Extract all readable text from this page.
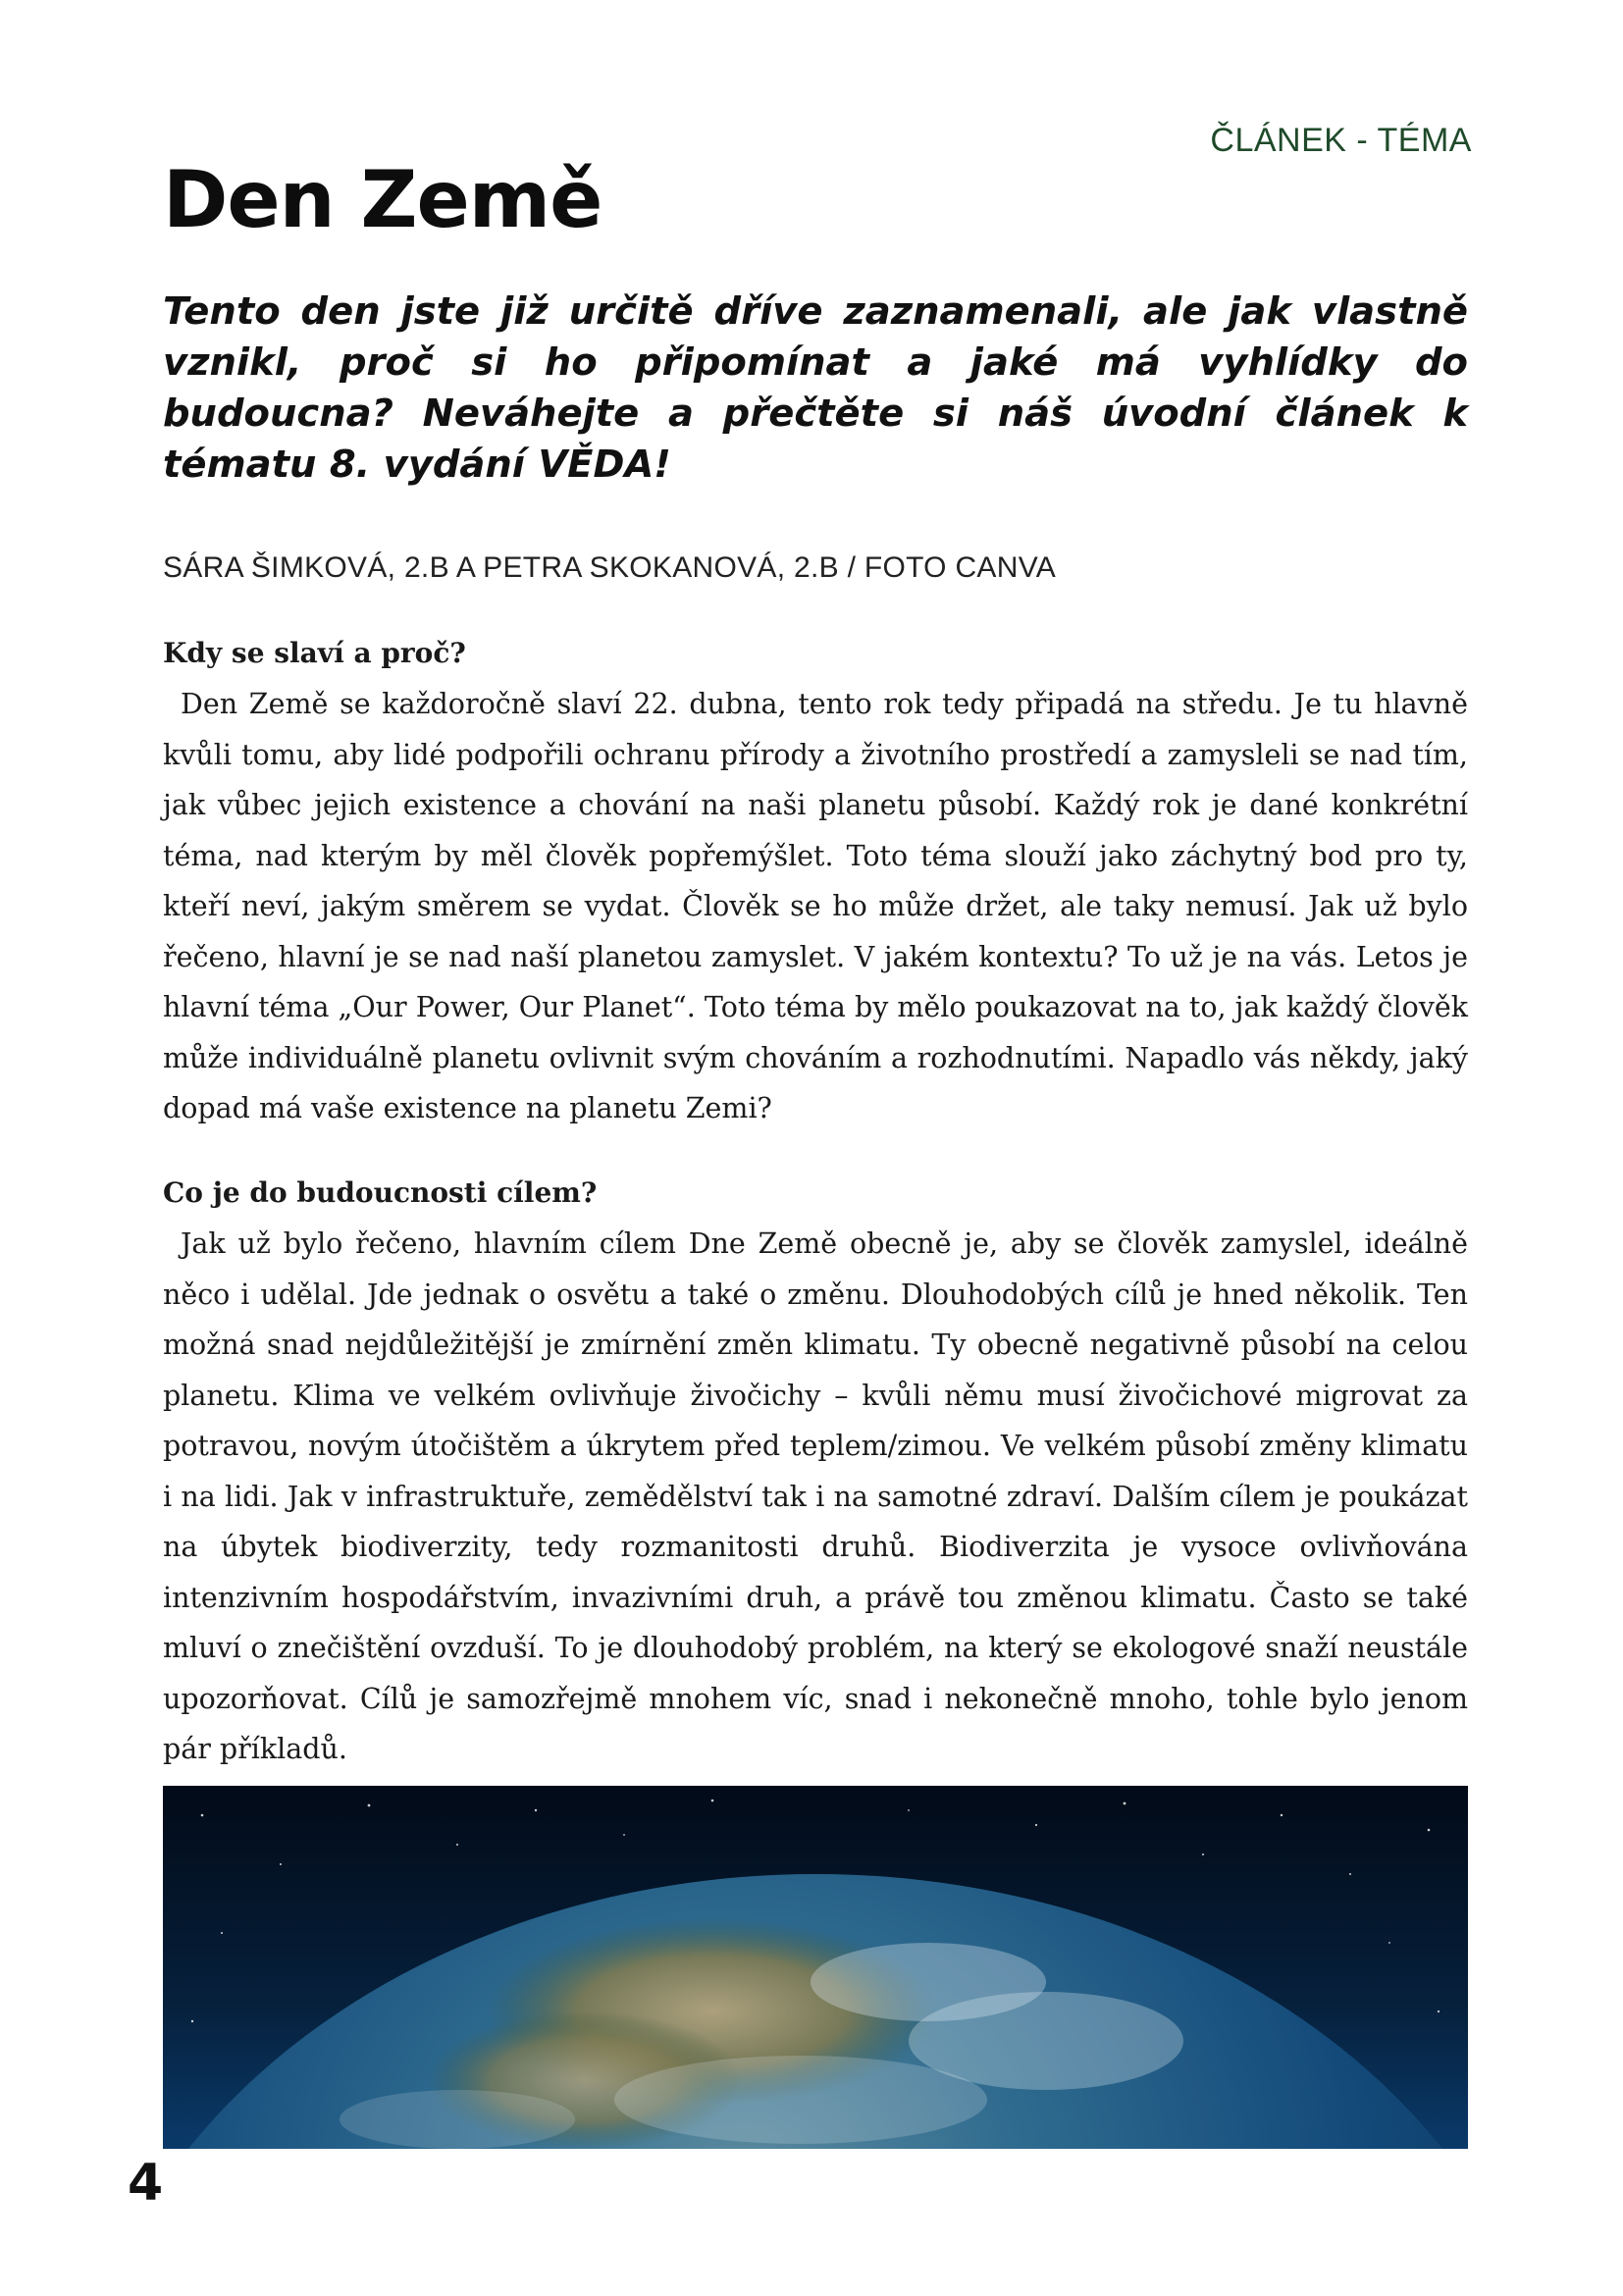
ČLÁNEK - TÉMA
Den Země

Tento den jste již určitě dříve zaznamenali, ale jak vlastně vznikl, proč si ho připomínat a jaké má vyhlídky do budoucna? Neváhejte a přečtěte si náš úvodní článek k tématu 8. vydání VĚDA!

SÁRA ŠIMKOVÁ, 2.B A PETRA SKOKANOVÁ, 2.B / FOTO CANVA
Kdy se slaví a proč?

Den Země se každoročně slaví 22. dubna, tento rok tedy připadá na středu. Je tu hlavně kvůli tomu, aby lidé podpořili ochranu přírody a životního prostředí a zamysleli se nad tím, jak vůbec jejich existence a chování na naši planetu působí. Každý rok je dané konkrétní téma, nad kterým by měl člověk popřemýšlet. Toto téma slouží jako záchytný bod pro ty, kteří neví, jakým směrem se vydat. Člověk se ho může držet, ale taky nemusí. Jak už bylo řečeno, hlavní je se nad naší planetou zamyslet. V jakém kontextu? To už je na vás. Letos je hlavní téma „Our Power, Our Planet“. Toto téma by mělo poukazovat na to, jak každý člověk může individuálně planetu ovlivnit svým chováním a rozhodnutími. Napadlo vás někdy, jaký dopad má vaše existence na planetu Zemi?

Co je do budoucnosti cílem?

Jak už bylo řečeno, hlavním cílem Dne Země obecně je, aby se člověk zamyslel, ideálně něco i udělal. Jde jednak o osvětu a také o změnu. Dlouhodobých cílů je hned několik. Ten možná snad nejdůležitější je zmírnění změn klimatu. Ty obecně negativně působí na celou planetu. Klima ve velkém ovlivňuje živočichy – kvůli němu musí živočichové migrovat za potravou, novým útočištěm a úkrytem před teplem/zimou. Ve velkém působí změny klimatu i na lidi. Jak v infrastruktuře, zemědělství tak i na samotné zdraví. Dalším cílem je poukázat na úbytek biodiverzity, tedy rozmanitosti druhů. Biodiverzita je vysoce ovlivňována intenzivním hospodářstvím, invazivními druh, a právě tou změnou klimatu. Často se také mluví o znečištění ovzduší. To je dlouhodobý problém, na který se ekologové snaží neustále upozorňovat. Cílů je samozřejmě mnohem víc, snad i nekonečně mnoho, tohle bylo jenom pár příkladů.

4
